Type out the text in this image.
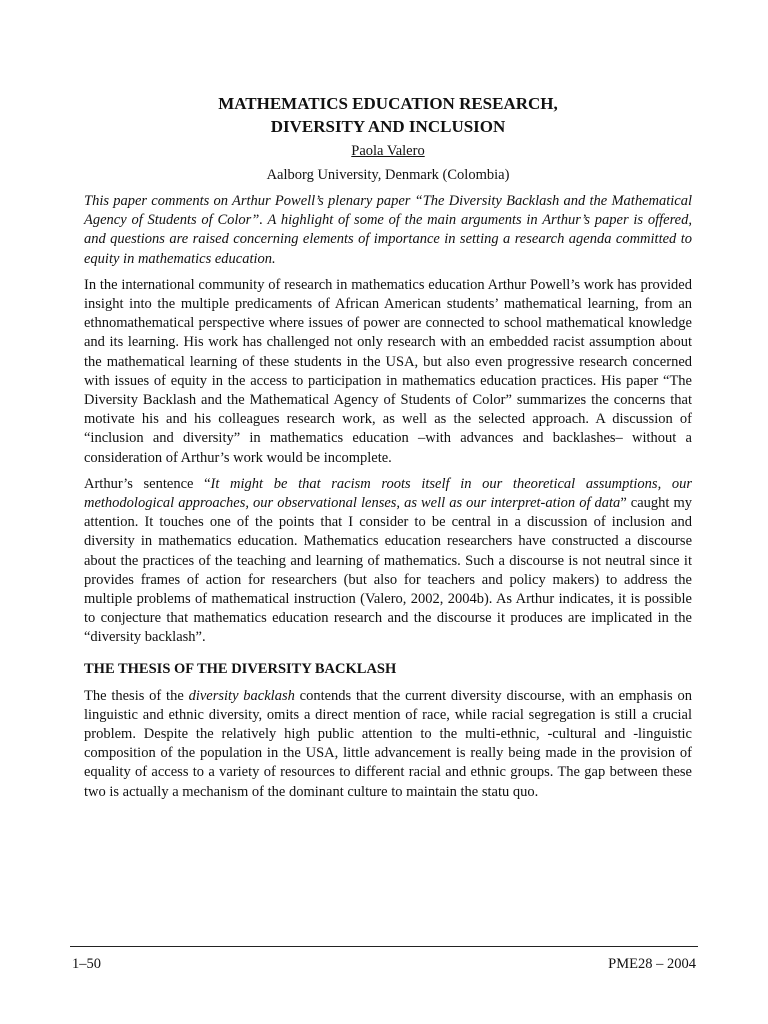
MATHEMATICS EDUCATION RESEARCH,
DIVERSITY AND INCLUSION
Paola Valero
Aalborg University, Denmark (Colombia)

This paper comments on Arthur Powell’s plenary paper “The Diversity Backlash and the Mathematical Agency of Students of Color”. A highlight of some of the main arguments in Arthur’s paper is offered, and questions are raised concerning elements of importance in setting a research agenda committed to equity in mathematics education.

In the international community of research in mathematics education Arthur Powell’s work has provided insight into the multiple predicaments of African American students’ mathematical learning, from an ethnomathematical perspective where issues of power are connected to school mathematical knowledge and its learning. His work has challenged not only research with an embedded racist assumption about the mathematical learning of these students in the USA, but also even progressive research concerned with issues of equity in the access to participation in mathematics education practices. His paper “The Diversity Backlash and the Mathematical Agency of Students of Color” summarizes the concerns that motivate his and his colleagues research work, as well as the selected approach. A discussion of “inclusion and diversity” in mathematics education –with advances and backlashes– without a consideration of Arthur’s work would be incomplete.

Arthur’s sentence “It might be that racism roots itself in our theoretical assumptions, our methodological approaches, our observational lenses, as well as our interpret-ation of data” caught my attention. It touches one of the points that I consider to be central in a discussion of inclusion and diversity in mathematics education. Mathematics education researchers have constructed a discourse about the practices of the teaching and learning of mathematics. Such a discourse is not neutral since it provides frames of action for researchers (but also for teachers and policy makers) to address the multiple problems of mathematical instruction (Valero, 2002, 2004b). As Arthur indicates, it is possible to conjecture that mathematics education research and the discourse it produces are implicated in the “diversity backlash”.

THE THESIS OF THE DIVERSITY BACKLASH

The thesis of the diversity backlash contends that the current diversity discourse, with an emphasis on linguistic and ethnic diversity, omits a direct mention of race, while racial segregation is still a crucial problem. Despite the relatively high public attention to the multi-ethnic, -cultural and -linguistic composition of the population in the USA, little advancement is really being made in the provision of equality of access to a variety of resources to different racial and ethnic groups. The gap between these two is actually a mechanism of the dominant culture to maintain the statu quo.

1–50	PME28 – 2004
